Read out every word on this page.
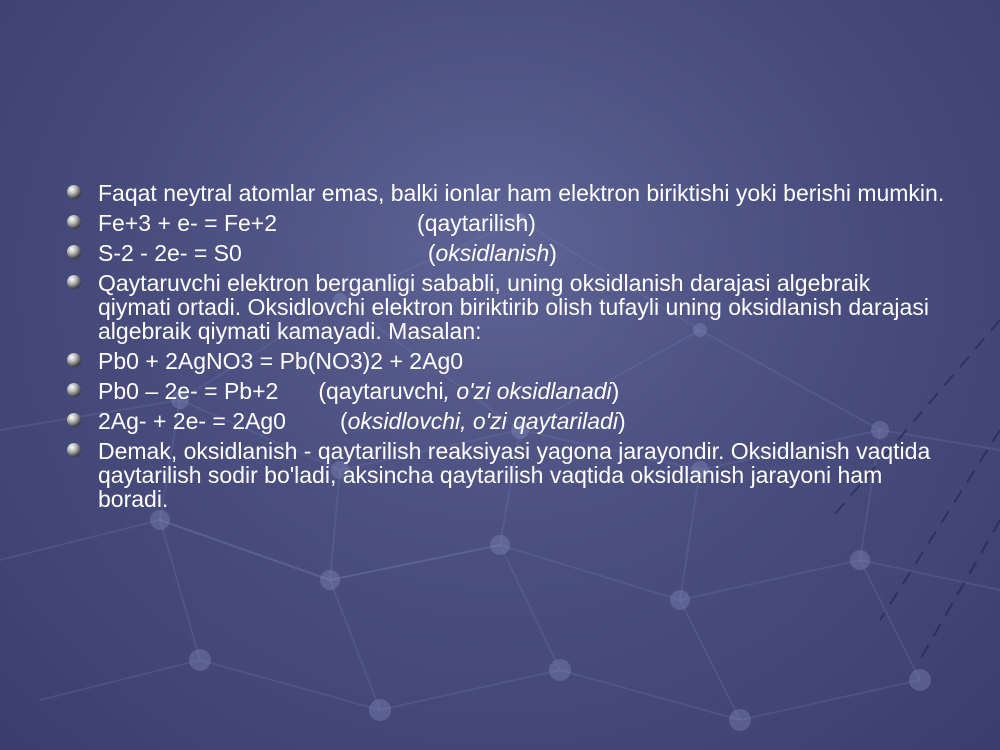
Faqat neytral atomlar emas, balki ionlar ham elektron biriktishi yoki berishi mumkin.
Fe+3 + e- = Fe+2	(qaytarilish)
S-2 - 2e- = S0	(oksidlanish)
Qaytaruvchi elektron berganligi sababli, uning oksidlanish darajasi algebraik qiymati ortadi. Oksidlovchi elektron biriktirib olish tufayli uning oksidlanish darajasi algebraik qiymati kamayadi. Masalan:
Pb0 + 2AgNO3 = Pb(NO3)2 + 2Ag0
Pb0 – 2e- = Pb+2 (qaytaruvchi, o'zi oksidlanadi)
2Ag- + 2e- = 2Ag0 (oksidlovchi, o'zi qaytariladi)
Demak, oksidlanish - qaytarilish reaksiyasi yagona jarayondir. Oksidlanish vaqtida qaytarilish sodir bo'ladi, aksincha qaytarilish vaqtida oksidlanish jarayoni ham boradi.
